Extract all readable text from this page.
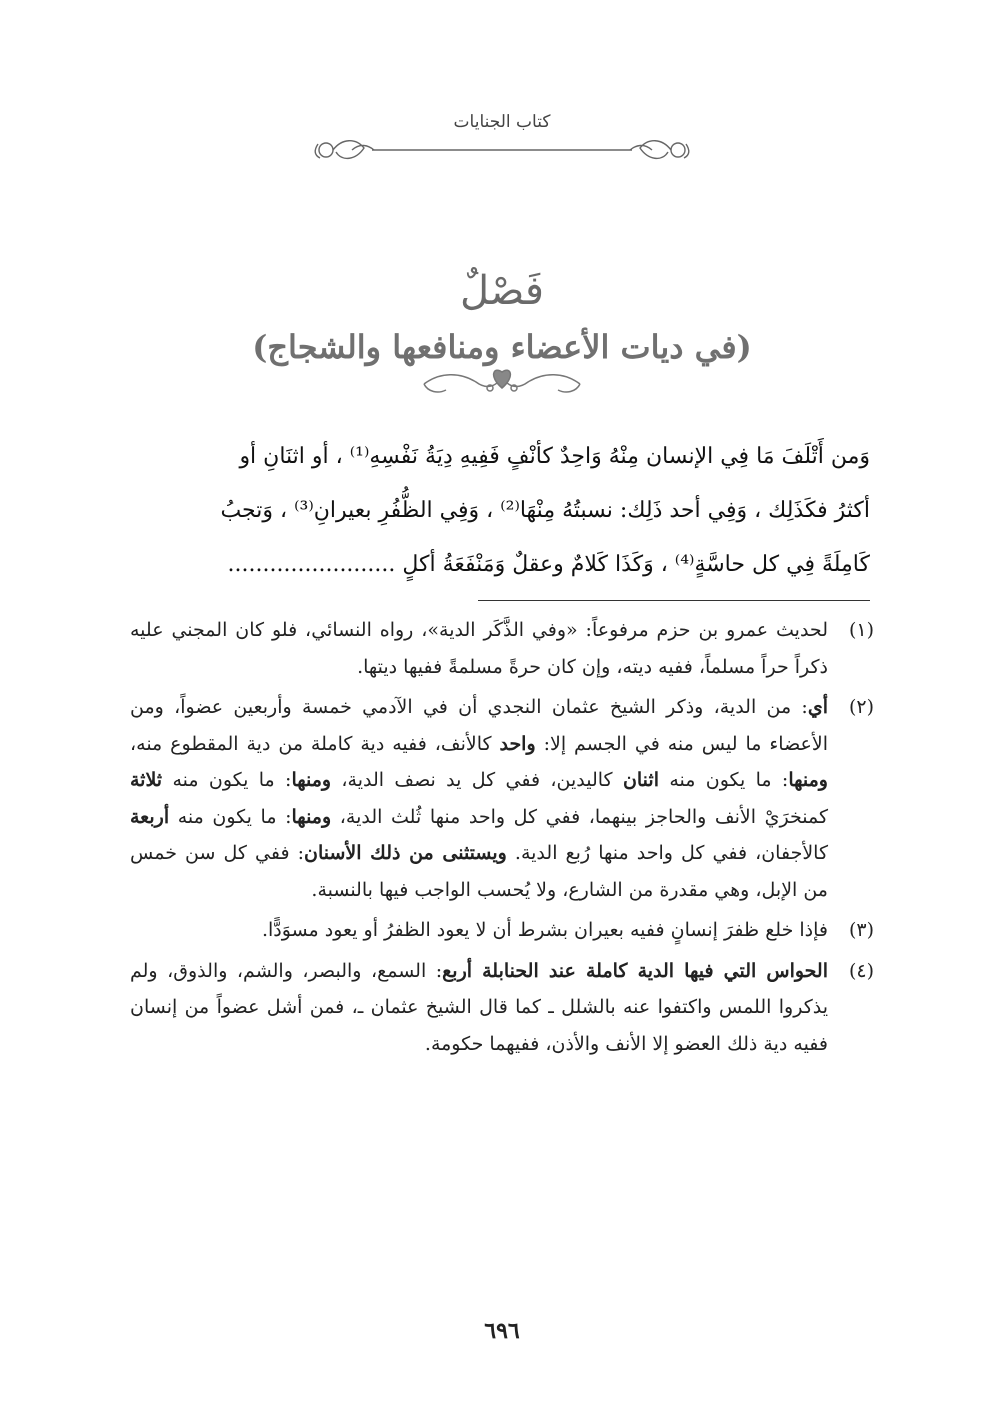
كتاب الجنايات
فَصْلٌ
(في ديات الأعضاء ومنافعها والشجاج)
وَمن أَتْلَفَ مَا فِي الإنسان مِنْهُ وَاحِدٌ كأنْفٍ فَفِيهِ دِيَةُ نَفْسِهِ⁽¹⁾ ، أو اثنَانِ أو
أكثرُ فكَذَلِك ، وَفِي أحد ذَلِك: نسبتُهُ مِنْهَا⁽²⁾ ، وَفِي الظُّفُرِ بعيرانِ⁽³⁾ ، وَتجبُ
كَامِلَةً فِي كل حاسَّةٍ⁽⁴⁾ ، وَكَذَا كَلامٌ وعقلٌ وَمَنْفَعَةُ أكلٍ ........................
(١)
لحديث عمرو بن حزم مرفوعاً: «وفي الذَّكَر الدية»، رواه النسائي، فلو كان المجني عليه ذكراً حراً مسلماً، ففيه ديته، وإن كان حرةً مسلمةً ففيها ديتها.
(٢)
أي: من الدية، وذكر الشيخ عثمان النجدي أن في الآدمي خمسة وأربعين عضواً، ومن الأعضاء ما ليس منه في الجسم إلا: واحد كالأنف، ففيه دية كاملة من دية المقطوع منه، ومنها: ما يكون منه اثنان كاليدين، ففي كل يد نصف الدية، ومنها: ما يكون منه ثلاثة كمنخرَيْ الأنف والحاجز بينهما، ففي كل واحد منها ثُلث الدية، ومنها: ما يكون منه أربعة كالأجفان، ففي كل واحد منها رُبع الدية. ويستثنى من ذلك الأسنان: ففي كل سن خمس من الإبل، وهي مقدرة من الشارع، ولا يُحسب الواجب فيها بالنسبة.
(٣)
فإذا خلع ظفرَ إنسانٍ ففيه بعيران بشرط أن لا يعود الظفرُ أو يعود مسوَدًّا.
(٤)
الحواس التي فيها الدية كاملة عند الحنابلة أربع: السمع، والبصر، والشم، والذوق، ولم يذكروا اللمس واكتفوا عنه بالشلل ـ كما قال الشيخ عثمان ـ، فمن أشل عضواً من إنسان ففيه دية ذلك العضو إلا الأنف والأذن، ففيهما حكومة.
٦٩٦
